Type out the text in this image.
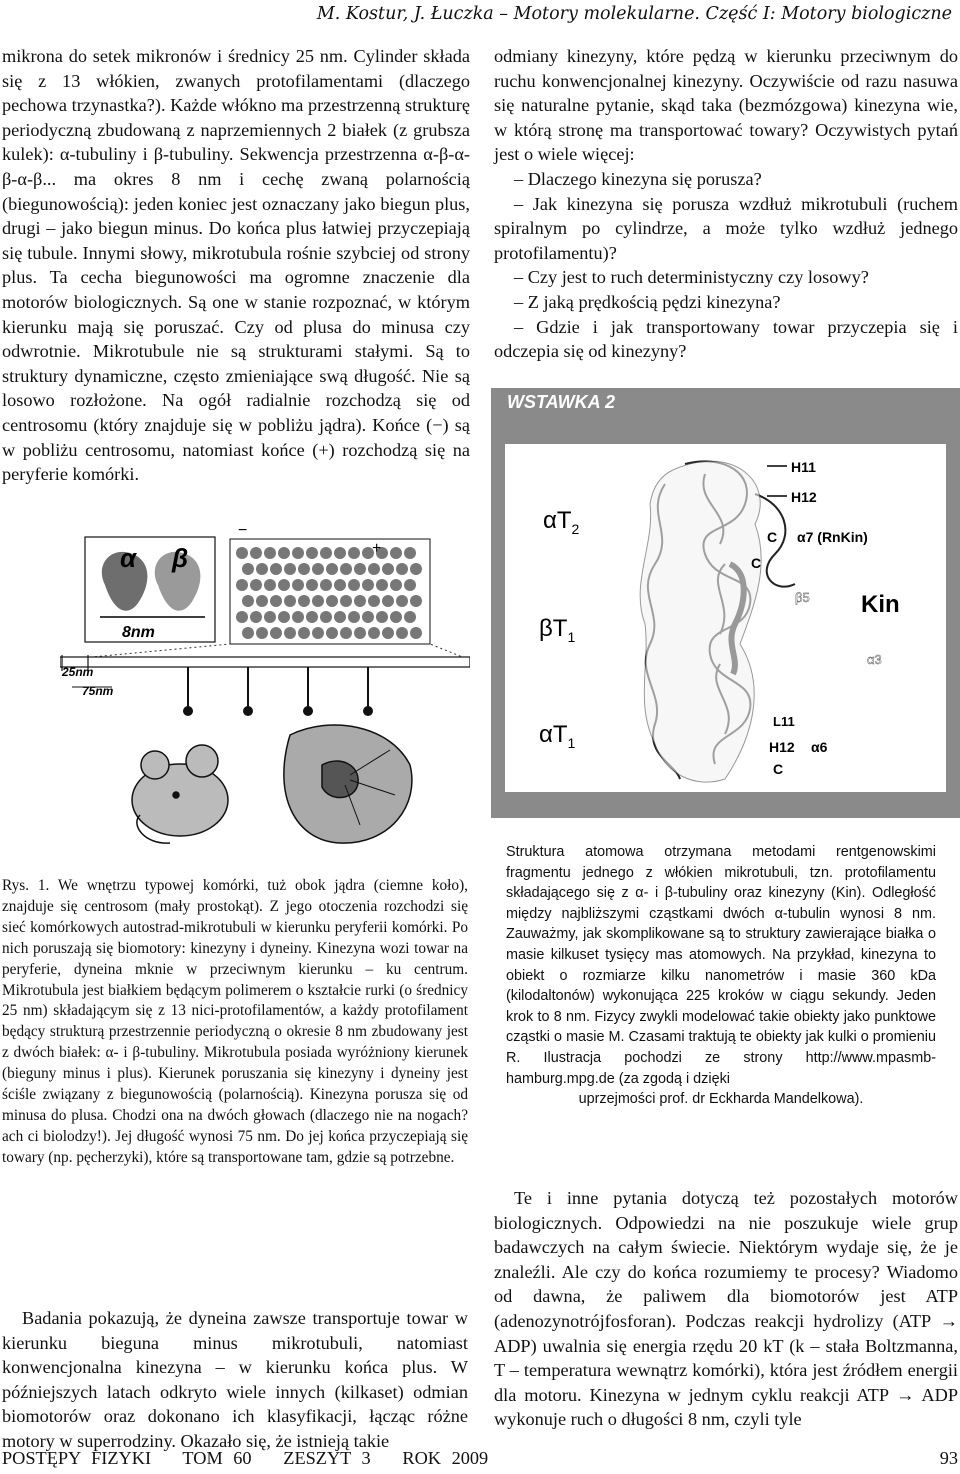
M. Kostur, J. Łuczka – Motory molekularne. Część I: Motory biologiczne

mikrona do setek mikronów i średnicy 25 nm. Cylinder składa się z 13 włókien, zwanych protofilamentami (dlaczego pechowa trzynastka?). Każde włókno ma przestrzenną strukturę periodyczną zbudowaną z naprzemiennych 2 białek (z grubsza kulek): α-tubuliny i β-tubuliny. Sekwencja przestrzenna α-β-α-β-α-β... ma okres 8 nm i cechę zwaną polarnością (biegunowością): jeden koniec jest oznaczany jako biegun plus, drugi – jako biegun minus. Do końca plus łatwiej przyczepiają się tubule. Innymi słowy, mikrotubula rośnie szybciej od strony plus. Ta cecha biegunowości ma ogromne znaczenie dla motorów biologicznych. Są one w stanie rozpoznać, w którym kierunku mają się poruszać. Czy od plusa do minusa czy odwrotnie. Mikrotubule nie są strukturami stałymi. Są to struktury dynamiczne, często zmieniające swą długość. Nie są losowo rozłożone. Na ogół radialnie rozchodzą się od centrosomu (który znajduje się w pobliżu jądra). Końce (−) są w pobliżu centrosomu, natomiast końce (+) rozchodzą się na peryferie komórki.

odmiany kinezyny, które pędzą w kierunku przeciwnym do ruchu konwencjonalnej kinezyny. Oczywiście od razu nasuwa się naturalne pytanie, skąd taka (bezmózgowa) kinezyna wie, w którą stronę ma transportować towary? Oczywistych pytań jest o wiele więcej:

– Dlaczego kinezyna się porusza?
– Jak kinezyna się porusza wzdłuż mikrotubuli (ruchem spiralnym po cylindrze, a może tylko wzdłuż jednego protofilamentu)?
– Czy jest to ruch deterministyczny czy losowy?
– Z jaką prędkością pędzi kinezyna?
– Gdzie i jak transportowany towar przyczepia się i odczepia się od kinezyny?
α β
8nm
−
+
25nm
75nm
Rys. 1. We wnętrzu typowej komórki, tuż obok jądra (ciemne koło), znajduje się centrosom (mały prostokąt). Z jego otoczenia rozchodzi się sieć komórkowych autostrad-mikrotubuli w kierunku peryferii komórki. Po nich poruszają się biomotory: kinezyny i dyneiny. Kinezyna wozi towar na peryferie, dyneina mknie w przeciwnym kierunku – ku centrum. Mikrotubula jest białkiem będącym polimerem o kształcie rurki (o średnicy 25 nm) składającym się z 13 nici-protofilamentów, a każdy protofilament będący strukturą przestrzennie periodyczną o okresie 8 nm zbudowany jest z dwóch białek: α- i β-tubuliny. Mikrotubula posiada wyróżniony kierunek (bieguny minus i plus). Kierunek poruszania się kinezyny i dyneiny jest ściśle związany z biegunowością (polarnością). Kinezyna porusza się od minusa do plusa. Chodzi ona na dwóch głowach (dlaczego nie na nogach? ach ci biolodzy!). Jej długość wynosi 75 nm. Do jej końca przyczepiają się towary (np. pęcherzyki), które są transportowane tam, gdzie są potrzebne.

Badania pokazują, że dyneina zawsze transportuje towar w kierunku bieguna minus mikrotubuli, natomiast konwencjonalna kinezyna – w kierunku końca plus. W późniejszych latach odkryto wiele innych (kilkaset) odmian biomotorów oraz dokonano ich klasyfikacji, łącząc różne motory w superrodziny. Okazało się, że istnieją takie

WSTAWKA 2
$\alpha T_2$
$\beta T_1$
$\alpha T_1$
H11
H12
C α7 (RnKin)
C
β5 Kin
α3
L11
H12 α6
C
Struktura atomowa otrzymana metodami rentgenowskimi fragmentu jednego z włókien mikrotubuli, tzn. protofilamentu składającego się z α- i β-tubuliny oraz kinezyny (Kin). Odległość między najbliższymi cząstkami dwóch α-tubulin wynosi 8 nm. Zauważmy, jak skomplikowane są to struktury zawierające białka o masie kilkuset tysięcy mas atomowych. Na przykład, kinezyna to obiekt o rozmiarze kilku nanometrów i masie 360 kDa (kilodaltonów) wykonująca 225 kroków w ciągu sekundy. Jeden krok to 8 nm. Fizycy zwykli modelować takie obiekty jako punktowe cząstki o masie M. Czasami traktują te obiekty jak kulki o promieniu R. Ilustracja pochodzi ze strony http://www.mpasmb-hamburg.mpg.de (za zgodą i dzięki
uprzejmości prof. dr Eckharda Mandelkowa).

Te i inne pytania dotyczą też pozostałych motorów biologicznych. Odpowiedzi na nie poszukuje wiele grup badawczych na całym świecie. Niektórym wydaje się, że je znaleźli. Ale czy do końca rozumiemy te procesy? Wiadomo od dawna, że paliwem dla biomotorów jest ATP (adenozynotrójfosforan). Podczas reakcji hydrolizy (ATP → ADP) uwalnia się energia rzędu 20 kT (k – stała Boltzmanna, T – temperatura wewnątrz komórki), która jest źródłem energii dla motoru. Kinezyna w jednym cyklu reakcji ATP → ADP wykonuje ruch o długości 8 nm, czyli tyle

POSTĘPY FIZYKI   TOM 60   ZESZYT 3   ROK 2009	93
